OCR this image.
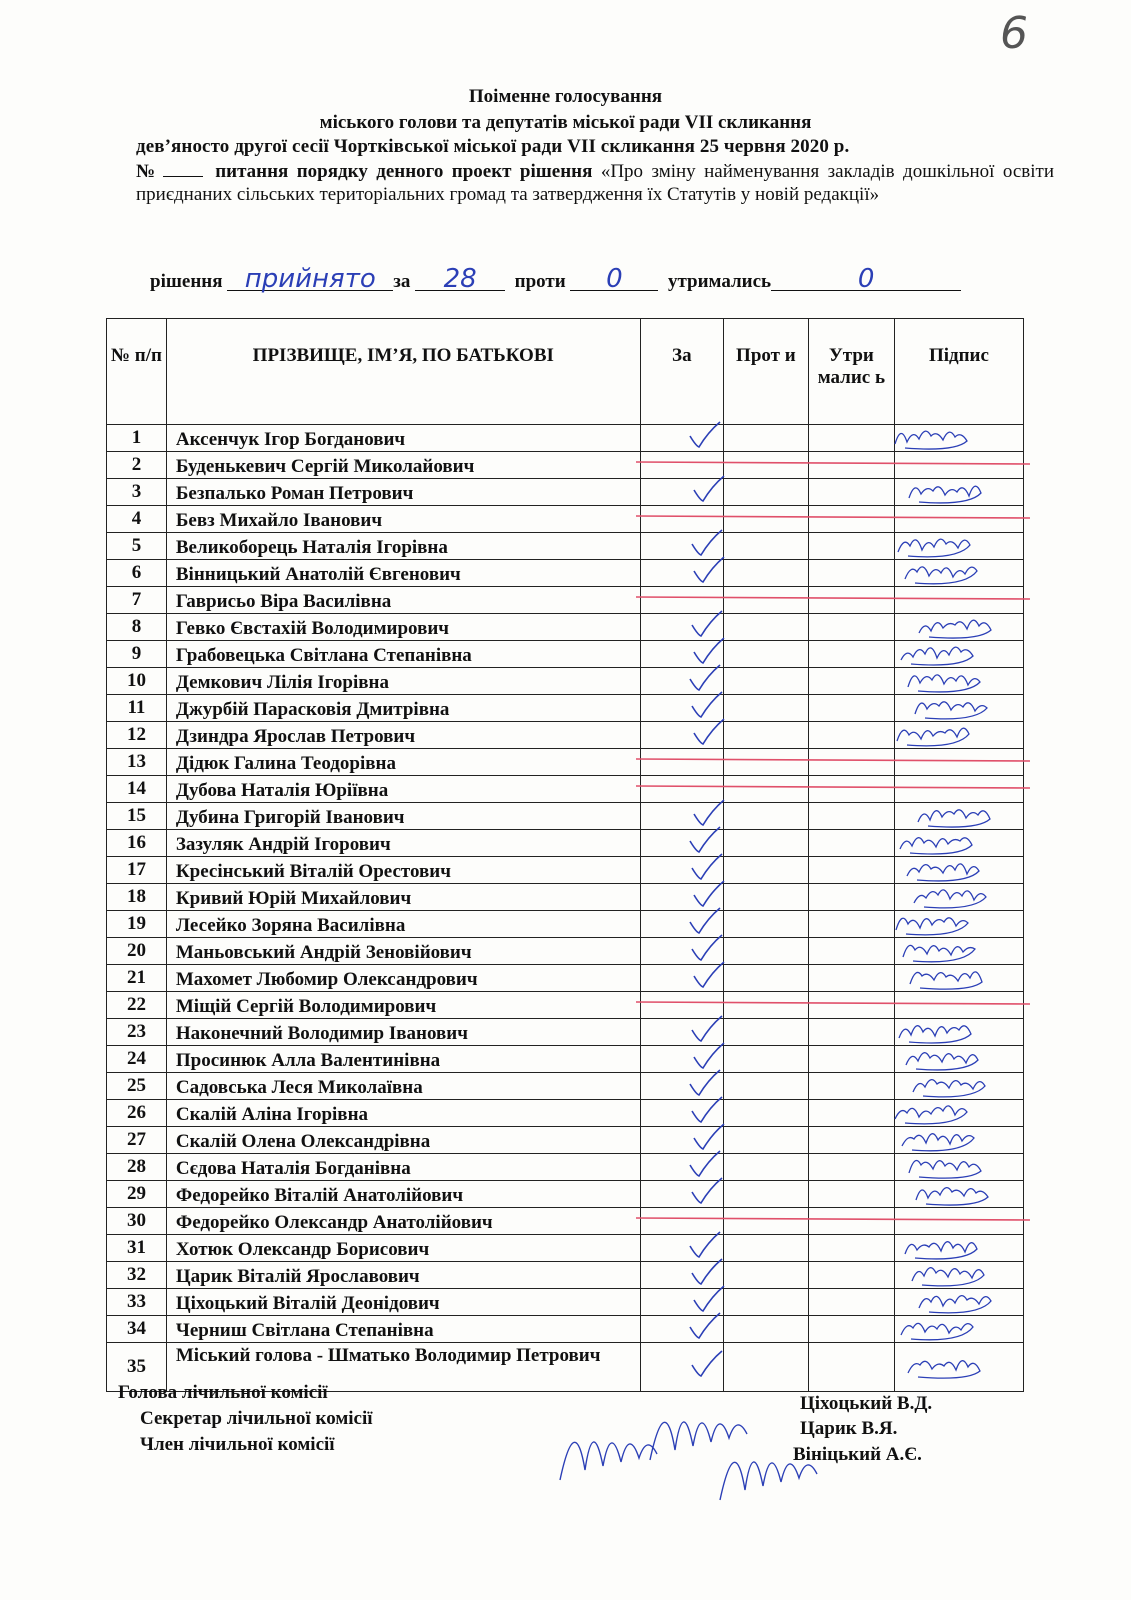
6
Поіменне голосування
міського голови та депутатів міської ради VII скликання
дев’яносто другої сесії Чортківської міської ради VII скликання 25 червня 2020 р.
№	питання порядку денного проект рішення «Про зміну найменування закладів дошкільної освіти приєднаних сільських територіальних громад та затвердження їх Статутів у новій редакції»
рішення прийнято за 28 проти 0 утримались	0
№ п/п	ПРІЗВИЩЕ, ІМ’Я, ПО БАТЬКОВІ	За	Прот и	Утри малис ь	Підпис
1	Аксенчук Ігор Богданович				
2	Буденькевич Сергій Миколайович				
3	Безпалько Роман Петрович				
4	Бевз Михайло Іванович				
5	Великоборець Наталія Ігорівна				
6	Вінницький Анатолій Євгенович				
7	Гаврисьо Віра Василівна				
8	Гевко Євстахій Володимирович				
9	Грабовецька Світлана Степанівна				
10	Демкович Лілія Ігорівна				
11	Джурбій Парасковія Дмитрівна				
12	Дзиндра Ярослав Петрович				
13	Дідюк Галина Теодорівна				
14	Дубова Наталія Юріївна				
15	Дубина Григорій Іванович				
16	Зазуляк Андрій Ігорович				
17	Кресінський Віталій Орестович				
18	Кривий Юрій Михайлович				
19	Лесейко Зоряна Василівна				
20	Маньовський Андрій Зеновійович				
21	Махомет Любомир Олександрович				
22	Міщій Сергій Володимирович				
23	Наконечний Володимир Іванович				
24	Просинюк Алла Валентинівна				
25	Садовська Леся Миколаївна				
26	Скалій Аліна Ігорівна				
27	Скалій Олена Олександрівна				
28	Сєдова Наталія Богданівна				
29	Федорейко Віталій Анатолійович				
30	Федорейко Олександр Анатолійович				
31	Хотюк Олександр Борисович				
32	Царик Віталій Ярославович				
33	Ціхоцький Віталій Деонідович				
34	Черниш Світлана Степанівна				
35	Міський голова - Шматько Володимир Петрович				
Голова лічильної комісії
Секретар лічильної комісії
Член лічильної комісії
Ціхоцький В.Д.
Царик В.Я.
Вініцький А.Є.
